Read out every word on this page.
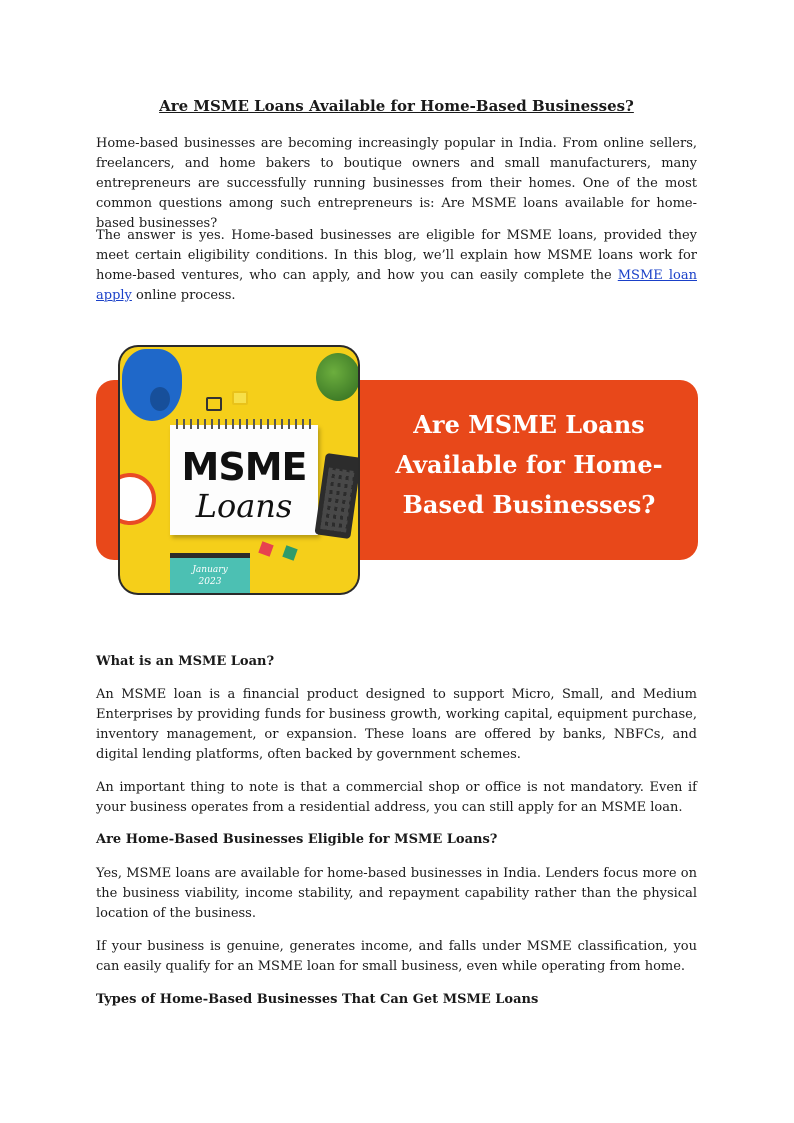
Are MSME Loans Available for Home-Based Businesses?

Home-based businesses are becoming increasingly popular in India. From online sellers, freelancers, and home bakers to boutique owners and small manufacturers, many entrepreneurs are successfully running businesses from their homes. One of the most common questions among such entrepreneurs is: Are MSME loans available for home-based businesses?

The answer is yes. Home-based businesses are eligible for MSME loans, provided they meet certain eligibility conditions. In this blog, we’ll explain how MSME loans work for home-based ventures, who can apply, and how you can easily complete the MSME loan apply online process.

What is an MSME Loan?

An MSME loan is a financial product designed to support Micro, Small, and Medium Enterprises by providing funds for business growth, working capital, equipment purchase, inventory management, or expansion. These loans are offered by banks, NBFCs, and digital lending platforms, often backed by government schemes.

An important thing to note is that a commercial shop or office is not mandatory. Even if your business operates from a residential address, you can still apply for an MSME loan.

Are Home-Based Businesses Eligible for MSME Loans?

Yes, MSME loans are available for home-based businesses in India. Lenders focus more on the business viability, income stability, and repayment capability rather than the physical location of the business.

If your business is genuine, generates income, and falls under MSME classification, you can easily qualify for an MSME loan for small business, even while operating from home.

Types of Home-Based Businesses That Can Get MSME Loans
Are MSME Loans
Available for Home-
Based Businesses?
MSME
Loans
January
2023
